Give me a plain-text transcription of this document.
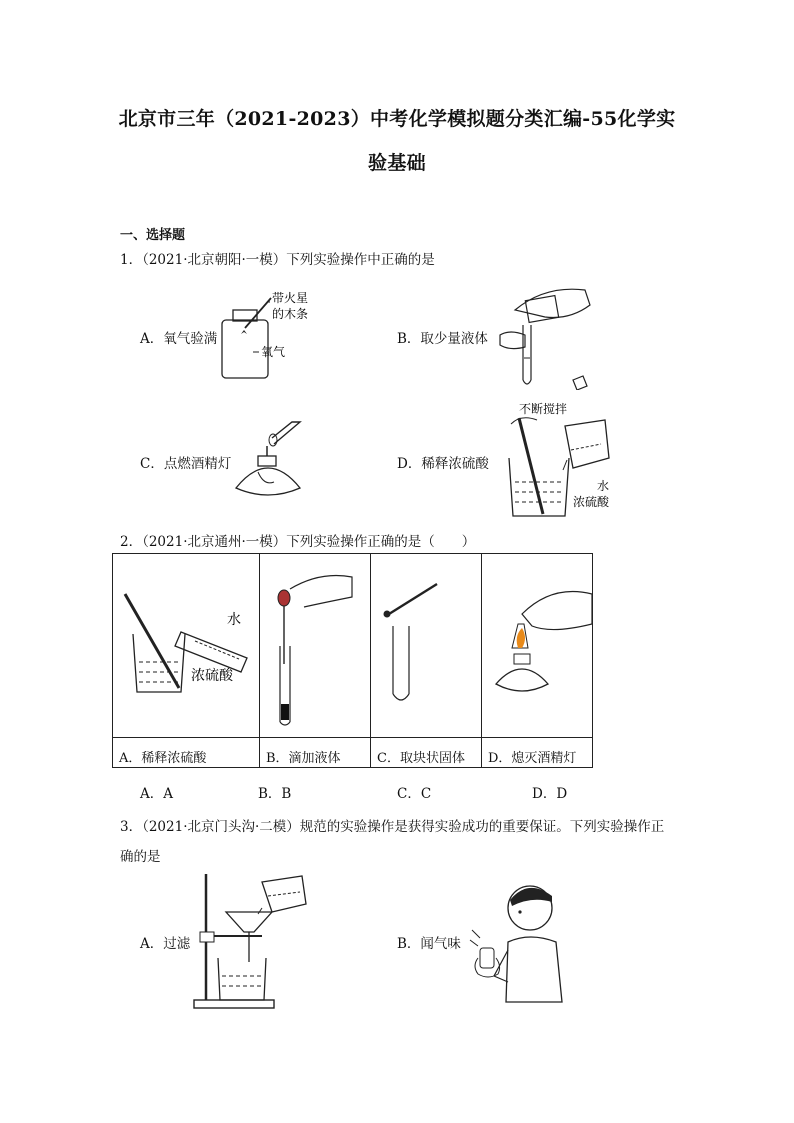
北京市三年（2021-2023）中考化学模拟题分类汇编-55化学实
验基础
一、选择题
1．（2021·北京朝阳·一模）下列实验操作中正确的是
A．氧气验满	B．取少量液体
C．点燃酒精灯	D．稀释浓硫酸
带火星
的木条
氧气
不断搅拌
水
浓硫酸
2．（2021·北京通州·一模）下列实验操作正确的是（　　）
水
浓硫酸

A．稀释浓硫酸	B．滴加液体	C．取块状固体	D．熄灭酒精灯
A．A	B．B	C．C	D．D
3．（2021·北京门头沟·二模）规范的实验操作是获得实验成功的重要保证。下列实验操作正
确的是
A．过滤	B．闻气味
